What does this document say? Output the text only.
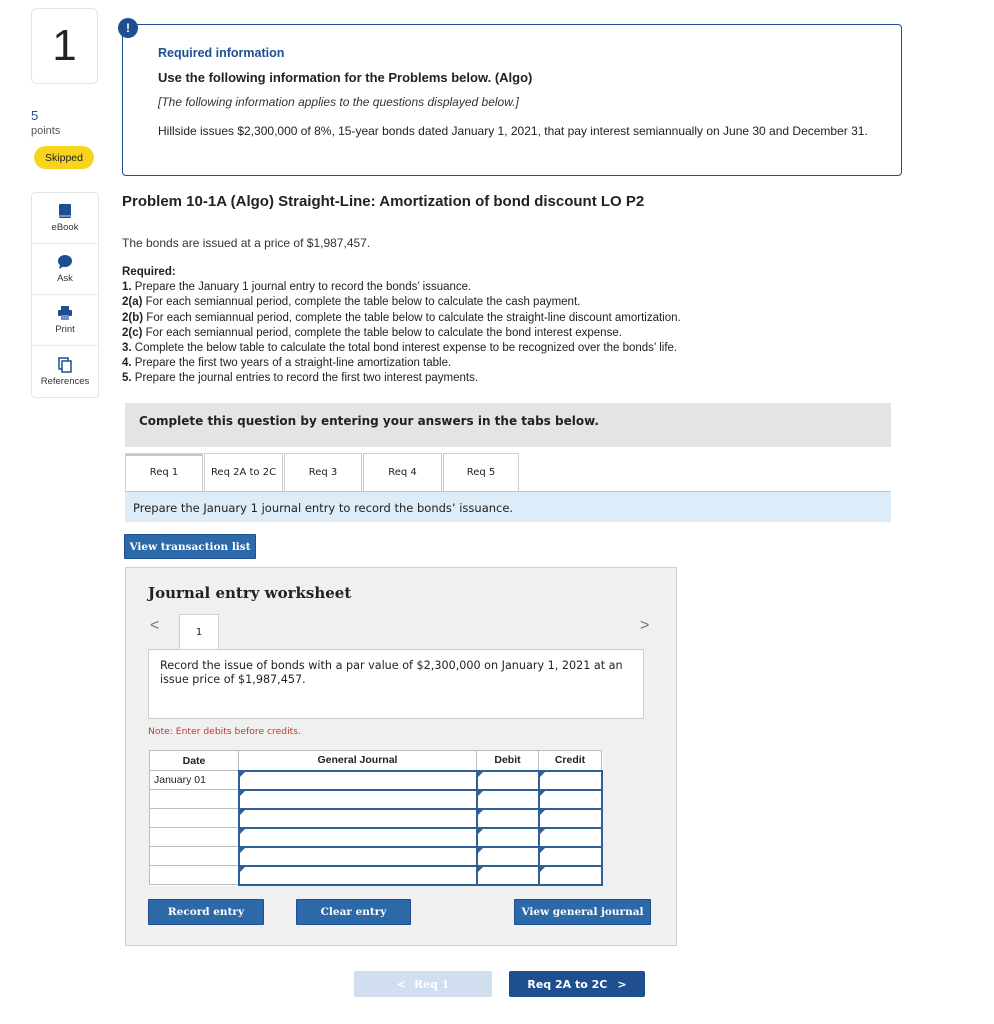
1
5
points
Skipped
eBook
Ask
Print
References
!
Required information
Use the following information for the Problems below. (Algo)
[The following information applies to the questions displayed below.]
Hillside issues $2,300,000 of 8%, 15-year bonds dated January 1, 2021, that pay interest semiannually on June 30 and December 31.
Problem 10-1A (Algo) Straight-Line: Amortization of bond discount LO P2
The bonds are issued at a price of $1,987,457.
Required:
1. Prepare the January 1 journal entry to record the bonds’ issuance.
2(a) For each semiannual period, complete the table below to calculate the cash payment.
2(b) For each semiannual period, complete the table below to calculate the straight-line discount amortization.
2(c) For each semiannual period, complete the table below to calculate the bond interest expense.
3. Complete the below table to calculate the total bond interest expense to be recognized over the bonds’ life.
4. Prepare the first two years of a straight-line amortization table.
5. Prepare the journal entries to record the first two interest payments.
Complete this question by entering your answers in the tabs below.
Req 1	Req 2A to 2C	Req 3	Req 4	Req 5
Prepare the January 1 journal entry to record the bonds’ issuance.
View transaction list
Journal entry worksheet
<	>
1
Record the issue of bonds with a par value of $2,300,000 on January 1, 2021 at an issue price of $1,987,457.
Note: Enter debits before credits.
Date	General Journal	Debit	Credit
January 01			

Record entry	Clear entry	View general journal
< Req 1	Req 2A to 2C >
